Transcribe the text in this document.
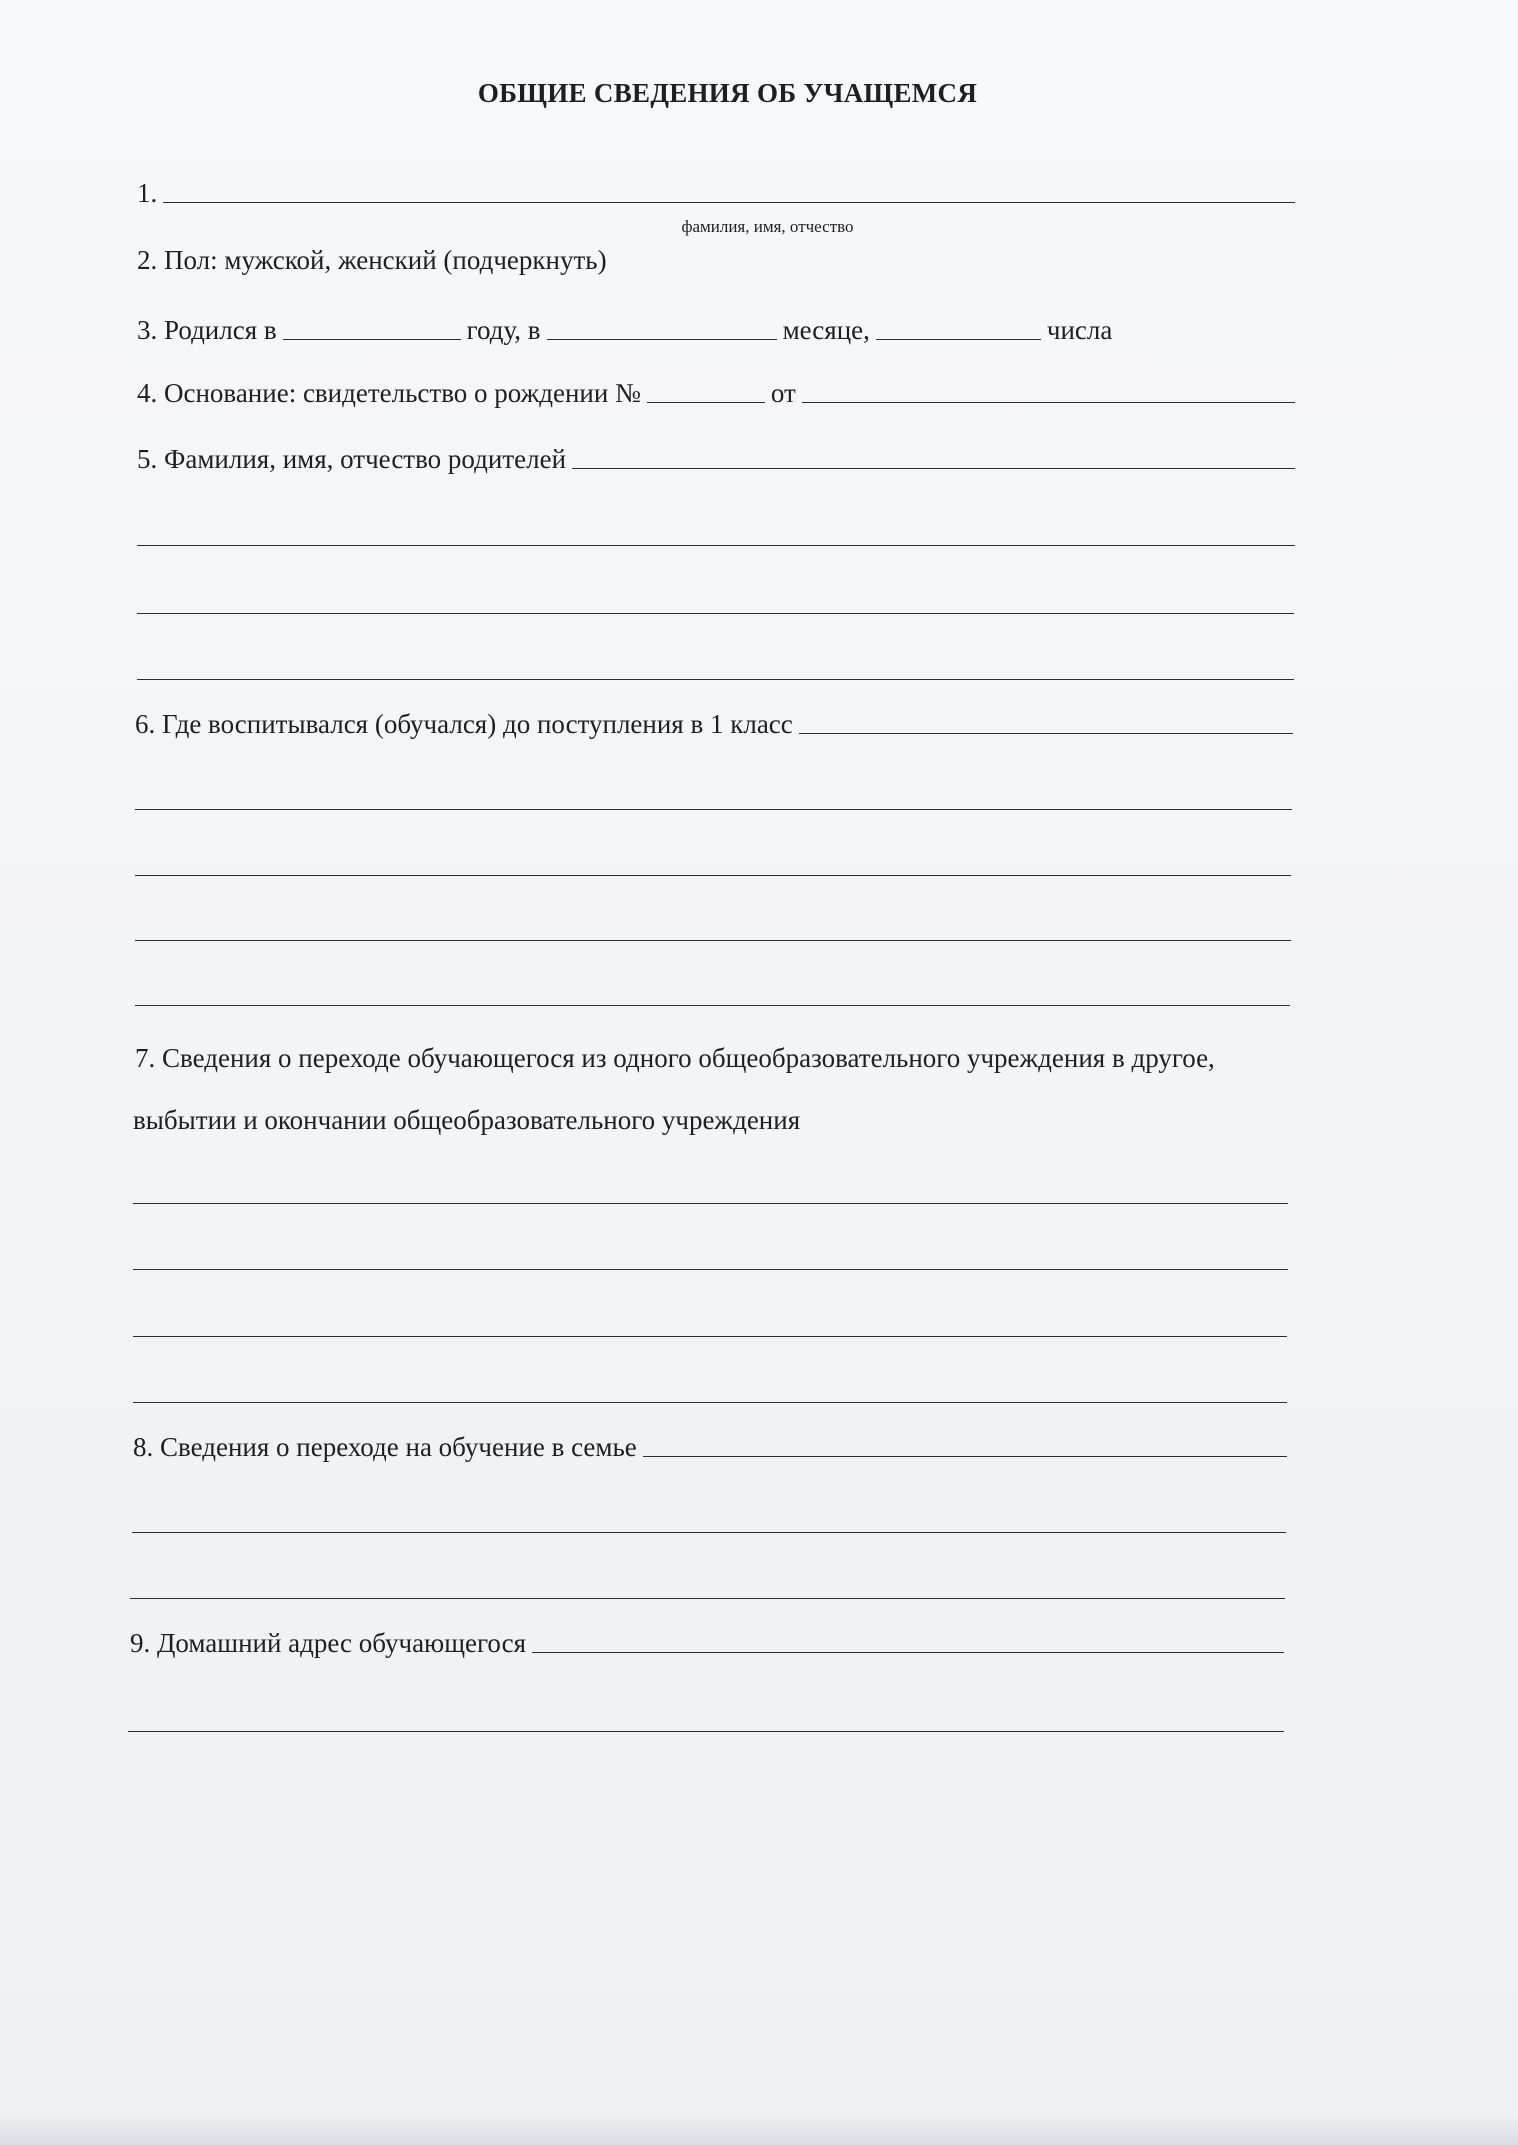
ОБЩИЕ СВЕДЕНИЯ ОБ УЧАЩЕМСЯ
1.
фамилия, имя, отчество
2. Пол: мужской, женский (подчеркнуть)
3. Родился в	году, в	месяце,	числа
4. Основание: свидетельство о рождении №	от
5. Фамилия, имя, отчество родителей
6. Где воспитывался (обучался) до поступления в 1 класс
7. Сведения о переходе обучающегося из одного общеобразовательного учреждения в другое,
выбытии и окончании общеобразовательного учреждения
8. Сведения о переходе на обучение в семье
9. Домашний адрес обучающегося
